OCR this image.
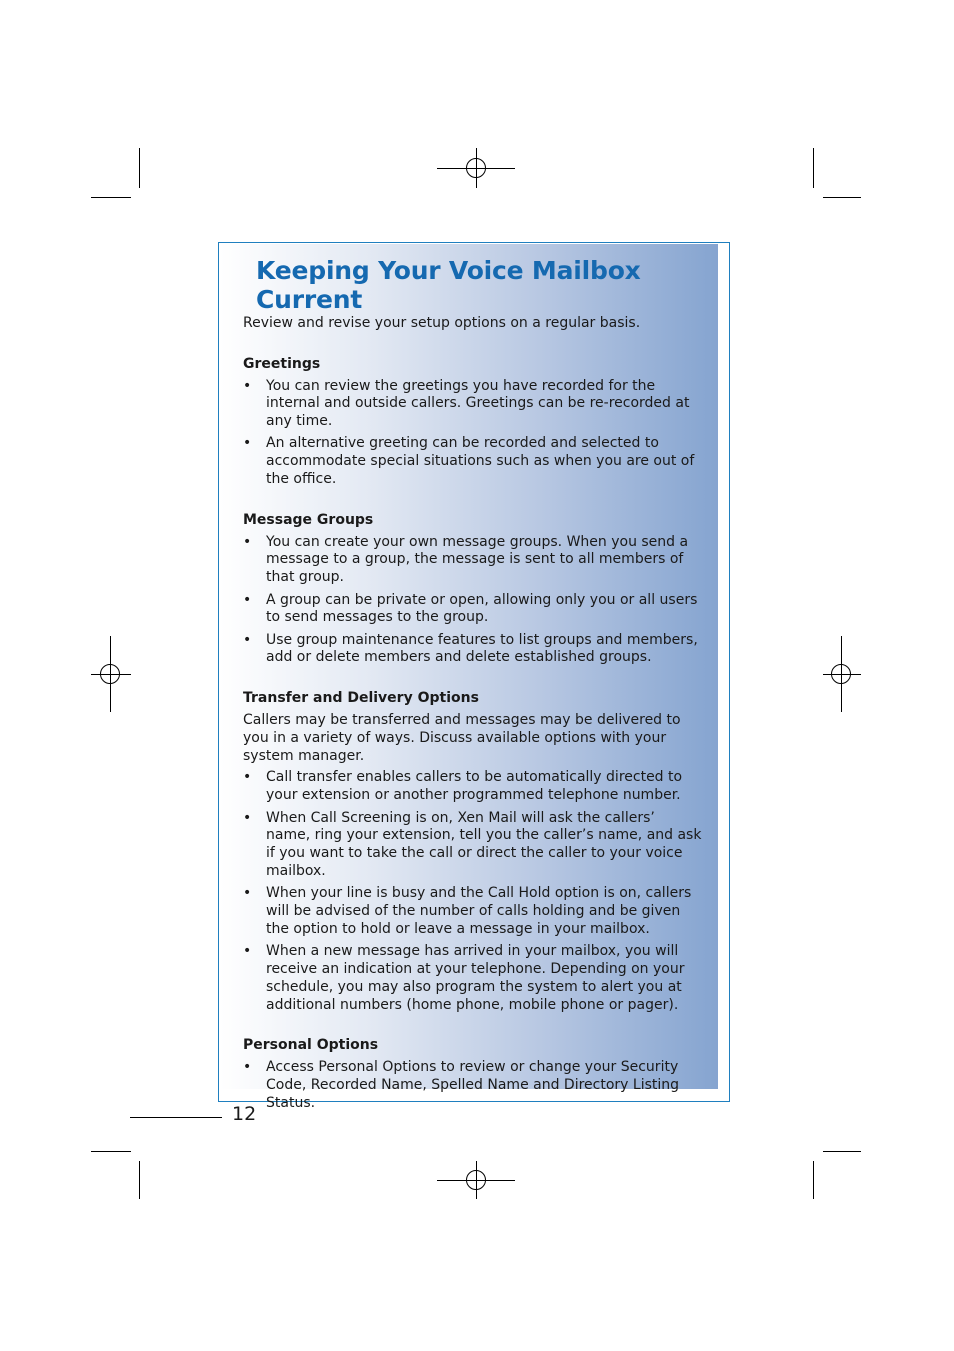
12
Keeping Your Voice Mailbox Current

Review and revise your setup options on a regular basis.

Greetings
• You can review the greetings you have recorded for the internal and outside callers. Greetings can be re-recorded at any time.
• An alternative greeting can be recorded and selected to accommodate special situations such as when you are out of the office.
Message Groups
• You can create your own message groups. When you send a message to a group, the message is sent to all members of that group.
• A group can be private or open, allowing only you or all users to send messages to the group.
• Use group maintenance features to list groups and members, add or delete members and delete established groups.
Transfer and Delivery Options

Callers may be transferred and messages may be delivered to you in a variety of ways. Discuss available options with your system manager.

• Call transfer enables callers to be automatically directed to your extension or another programmed telephone number.
• When Call Screening is on, Xen Mail will ask the callers’ name, ring your extension, tell you the caller’s name, and ask if you want to take the call or direct the caller to your voice mailbox.
• When your line is busy and the Call Hold option is on, callers will be advised of the number of calls holding and be given the option to hold or leave a message in your mailbox.
• When a new message has arrived in your mailbox, you will receive an indication at your telephone. Depending on your schedule, you may also program the system to alert you at additional numbers (home phone, mobile phone or pager).
Personal Options
• Access Personal Options to review or change your Security Code, Recorded Name, Spelled Name and Directory Listing Status.
